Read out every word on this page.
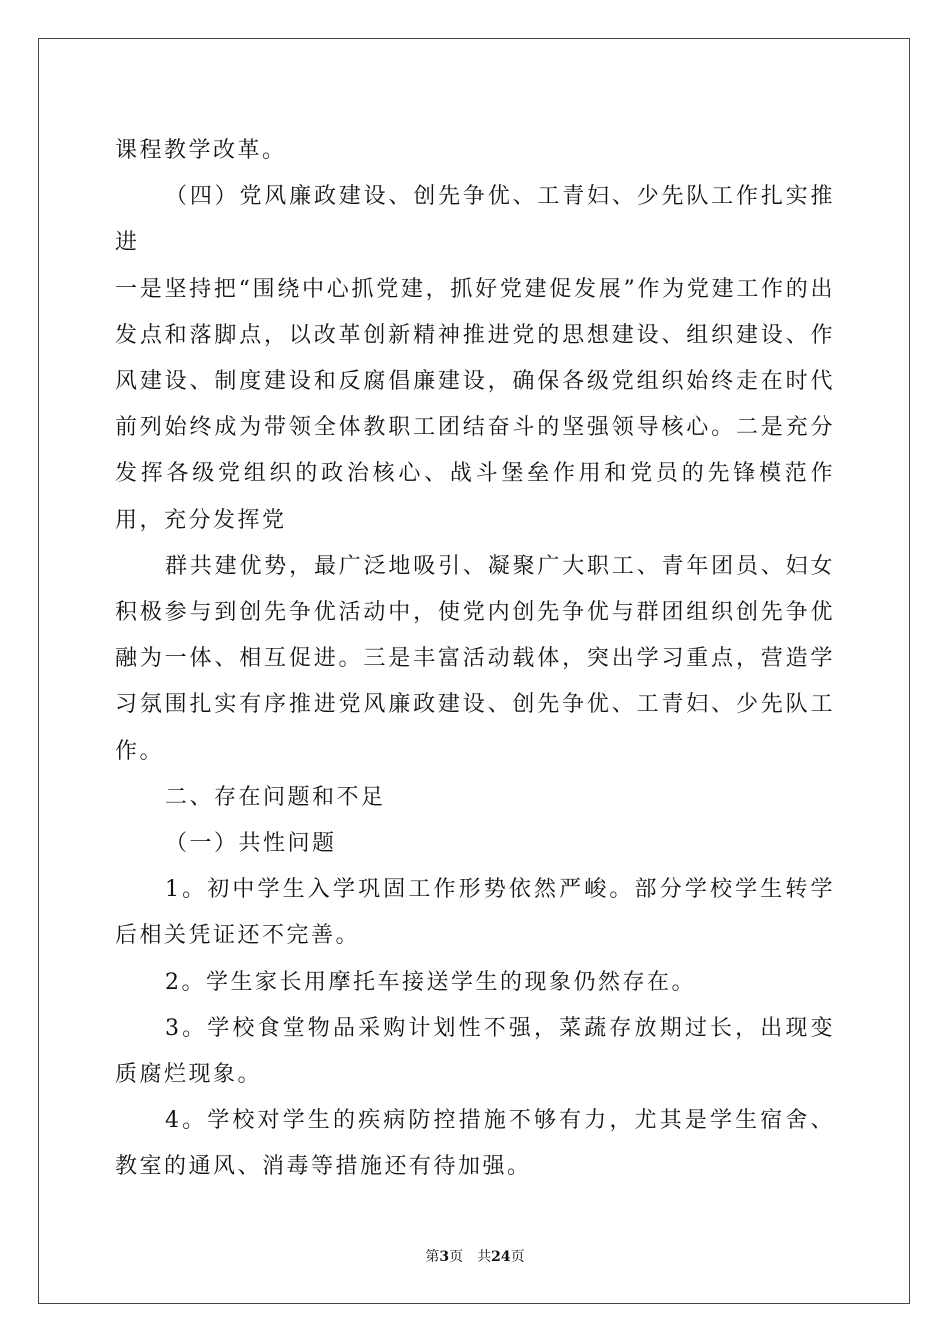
课程教学改革。

（四）党风廉政建设、创先争优、工青妇、少先队工作扎实推进

一是坚持把“围绕中心抓党建，抓好党建促发展”作为党建工作的出发点和落脚点，以改革创新精神推进党的思想建设、组织建设、作风建设、制度建设和反腐倡廉建设，确保各级党组织始终走在时代前列始终成为带领全体教职工团结奋斗的坚强领导核心。二是充分发挥各级党组织的政治核心、战斗堡垒作用和党员的先锋模范作用，充分发挥党

群共建优势，最广泛地吸引、凝聚广大职工、青年团员、妇女积极参与到创先争优活动中，使党内创先争优与群团组织创先争优融为一体、相互促进。三是丰富活动载体，突出学习重点，营造学习氛围扎实有序推进党风廉政建设、创先争优、工青妇、少先队工作。

二、存在问题和不足

（一）共性问题

1。初中学生入学巩固工作形势依然严峻。部分学校学生转学后相关凭证还不完善。

2。学生家长用摩托车接送学生的现象仍然存在。

3。学校食堂物品采购计划性不强，菜蔬存放期过长，出现变质腐烂现象。

4。学校对学生的疾病防控措施不够有力，尤其是学生宿舍、教室的通风、消毒等措施还有待加强。

第3页 共24页
